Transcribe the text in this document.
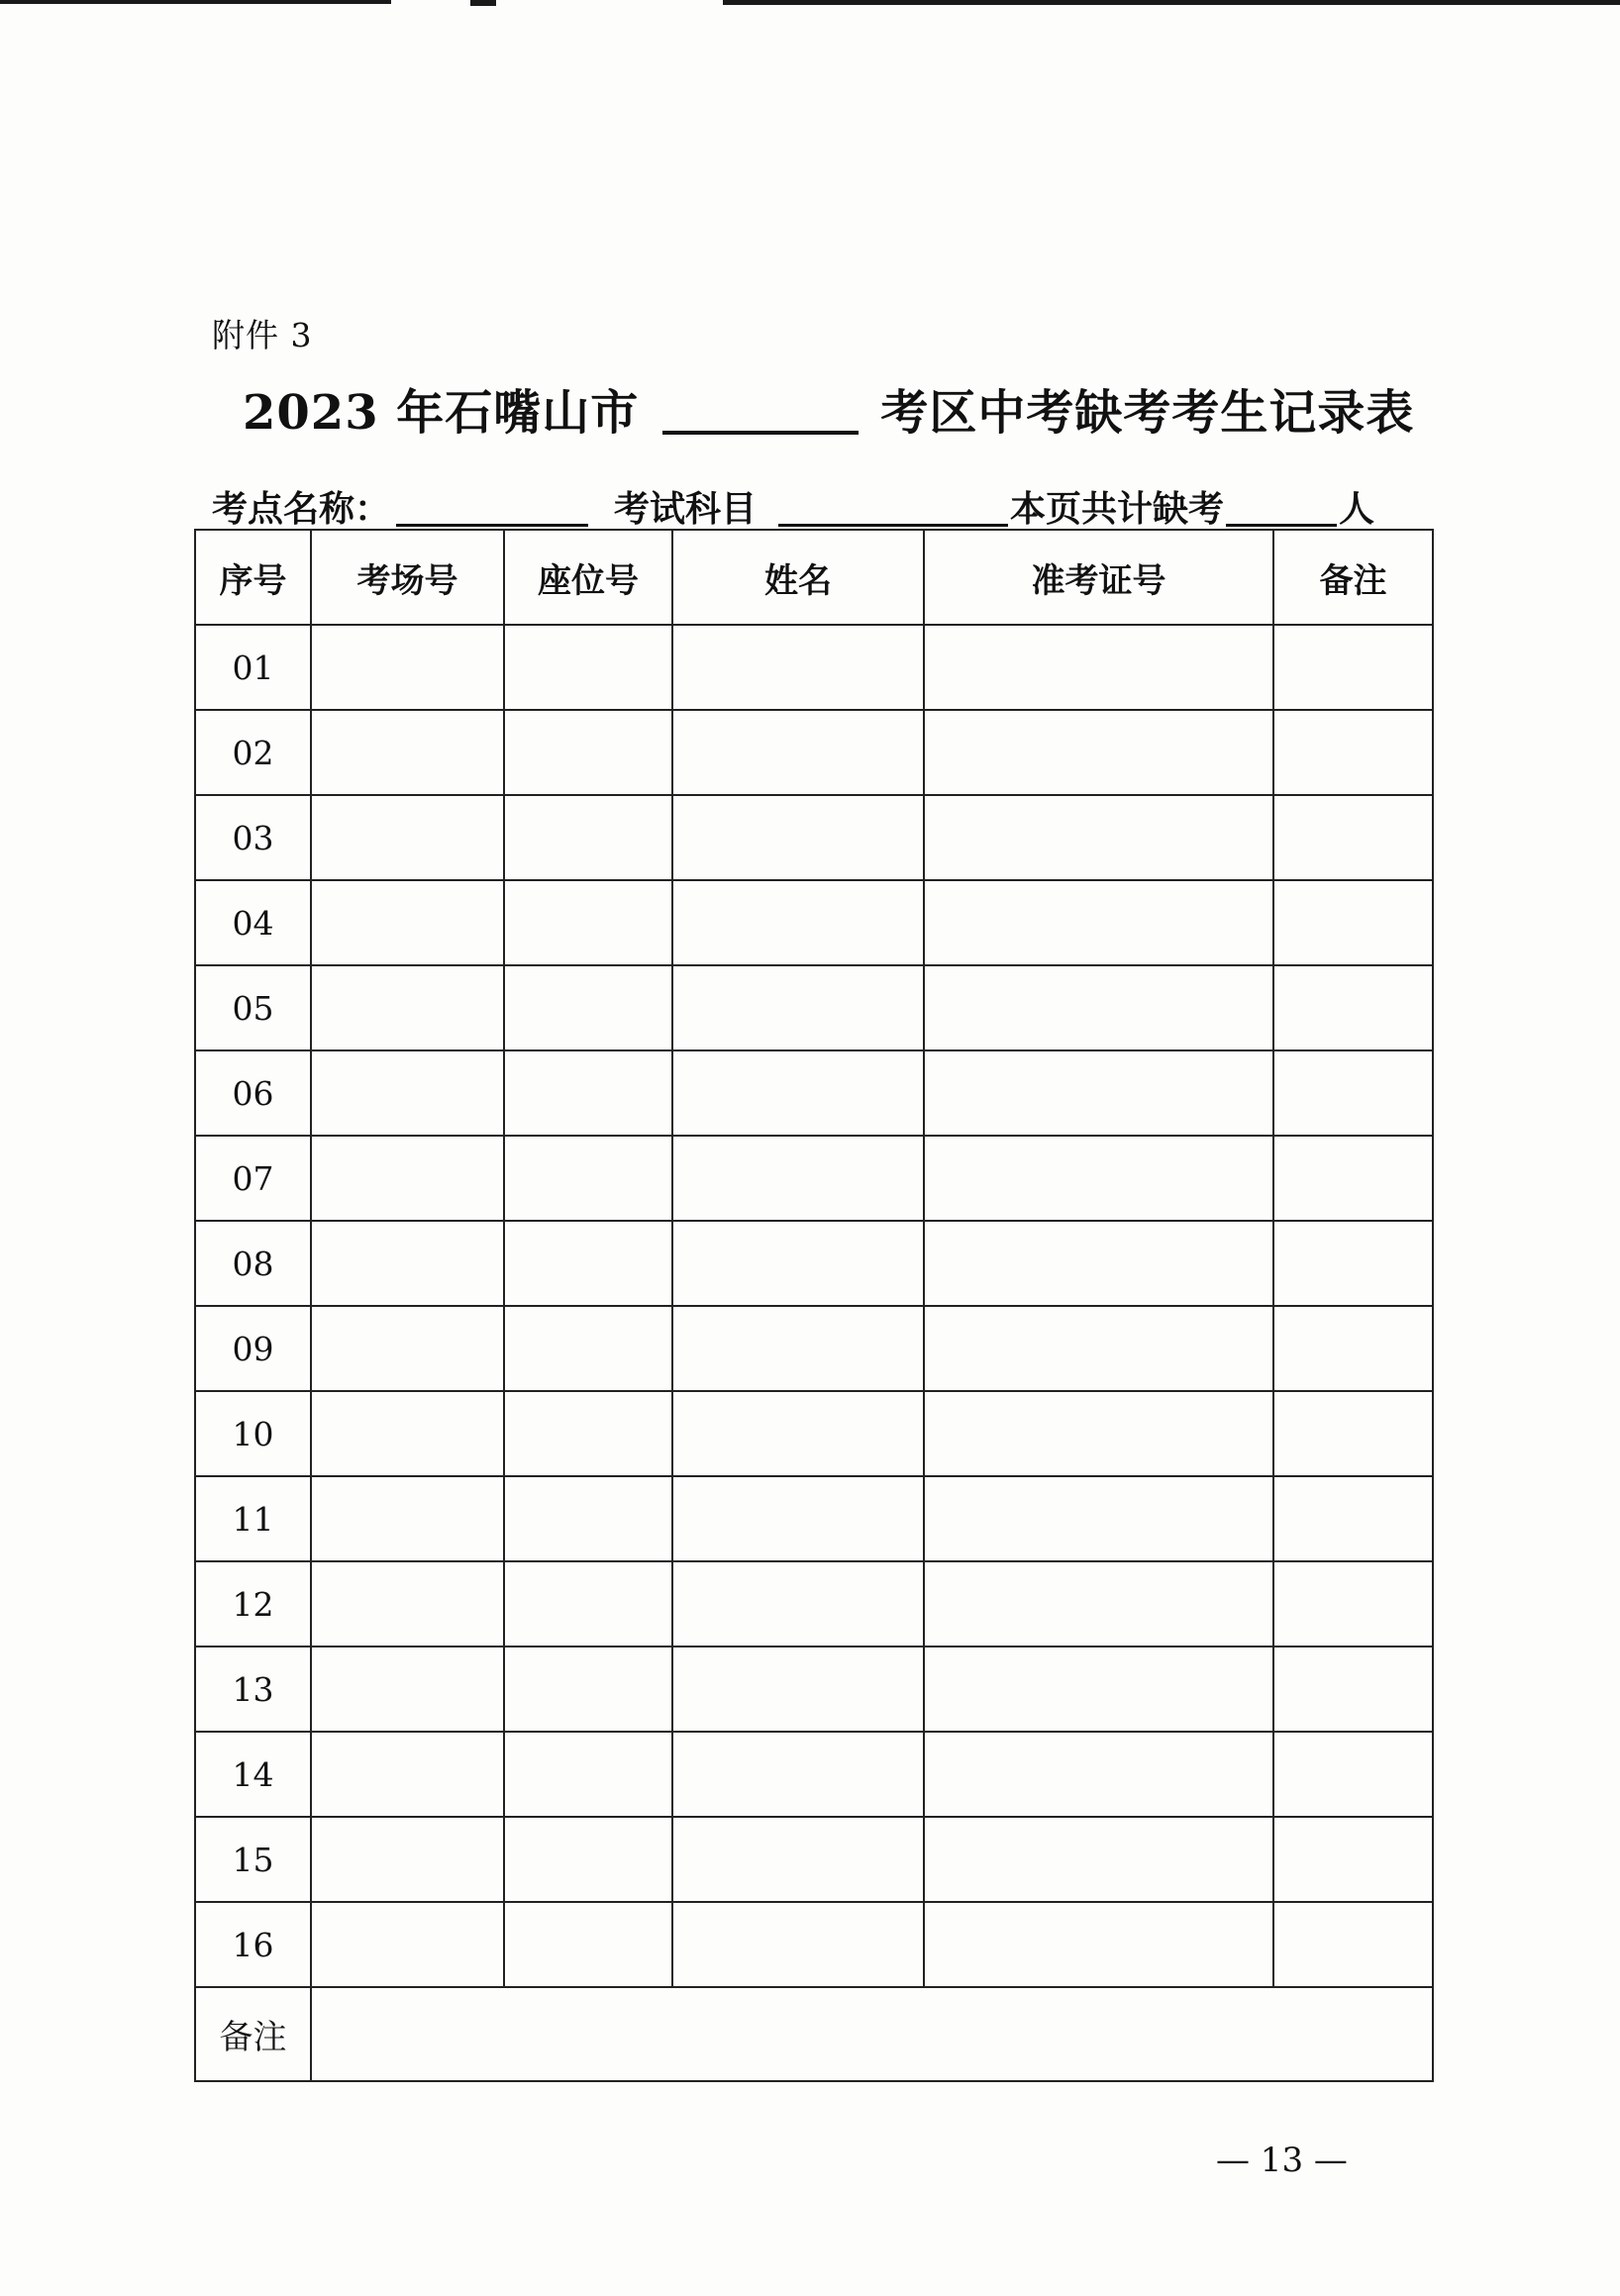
附件 3
2023 年石嘴山市	考区中考缺考考生记录表
考点名称：	考试科目	本页共计缺考	人
序号	考场号	座位号	姓名	准考证号	备注
01					
02					
03					
04					
05					
06					
07					
08					
09					
10					
11					
12					
13					
14					
15					
16					
备注					
— 13 —
